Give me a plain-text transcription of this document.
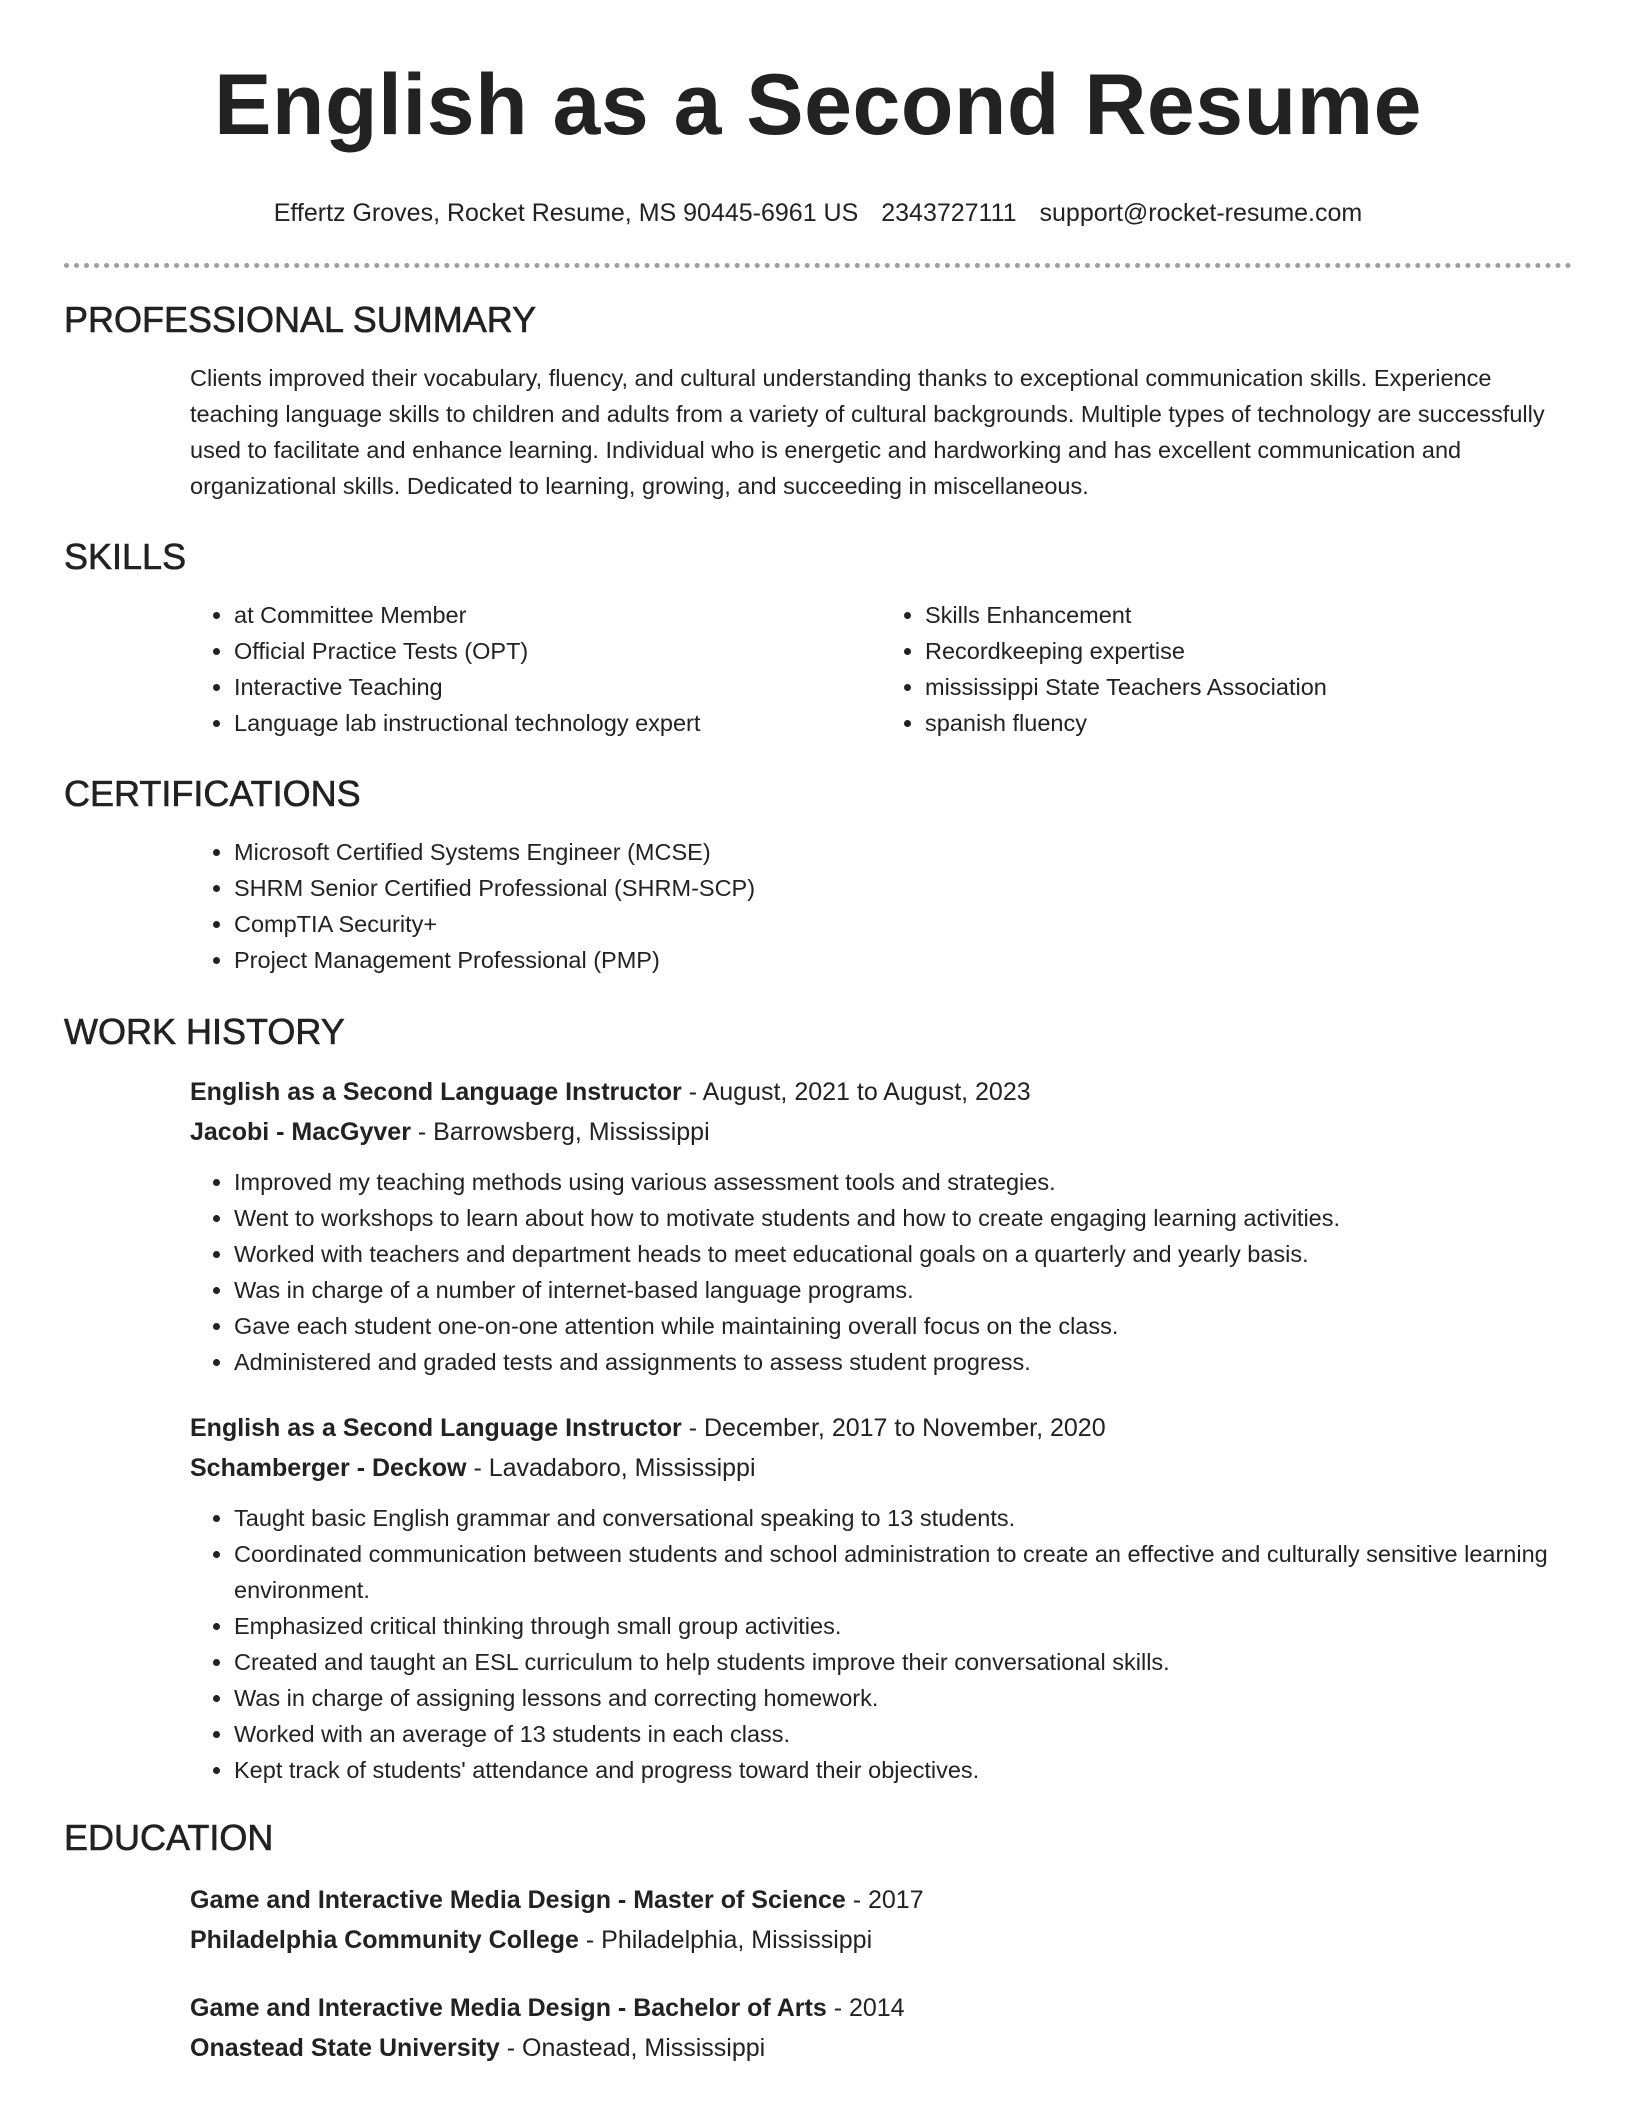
English as a Second Resume
Effertz Groves, Rocket Resume, MS 90445-6961 US 2343727111 support@rocket-resume.com
PROFESSIONAL SUMMARY
Clients improved their vocabulary, fluency, and cultural understanding thanks to exceptional communication skills. Experience teaching language skills to children and adults from a variety of cultural backgrounds. Multiple types of technology are successfully used to facilitate and enhance learning. Individual who is energetic and hardworking and has excellent communication and organizational skills. Dedicated to learning, growing, and succeeding in miscellaneous.
SKILLS
• at Committee Member
• Official Practice Tests (OPT)
• Interactive Teaching
• Language lab instructional technology expert
• Skills Enhancement
• Recordkeeping expertise
• mississippi State Teachers Association
• spanish fluency
CERTIFICATIONS
• Microsoft Certified Systems Engineer (MCSE)
• SHRM Senior Certified Professional (SHRM-SCP)
• CompTIA Security+
• Project Management Professional (PMP)
WORK HISTORY
English as a Second Language Instructor - August, 2021 to August, 2023
Jacobi - MacGyver - Barrowsberg, Mississippi
• Improved my teaching methods using various assessment tools and strategies.
• Went to workshops to learn about how to motivate students and how to create engaging learning activities.
• Worked with teachers and department heads to meet educational goals on a quarterly and yearly basis.
• Was in charge of a number of internet-based language programs.
• Gave each student one-on-one attention while maintaining overall focus on the class.
• Administered and graded tests and assignments to assess student progress.
English as a Second Language Instructor - December, 2017 to November, 2020
Schamberger - Deckow - Lavadaboro, Mississippi
• Taught basic English grammar and conversational speaking to 13 students.
• Coordinated communication between students and school administration to create an effective and culturally sensitive learning environment.
• Emphasized critical thinking through small group activities.
• Created and taught an ESL curriculum to help students improve their conversational skills.
• Was in charge of assigning lessons and correcting homework.
• Worked with an average of 13 students in each class.
• Kept track of students' attendance and progress toward their objectives.
EDUCATION
Game and Interactive Media Design - Master of Science - 2017
Philadelphia Community College - Philadelphia, Mississippi
Game and Interactive Media Design - Bachelor of Arts - 2014
Onastead State University - Onastead, Mississippi
